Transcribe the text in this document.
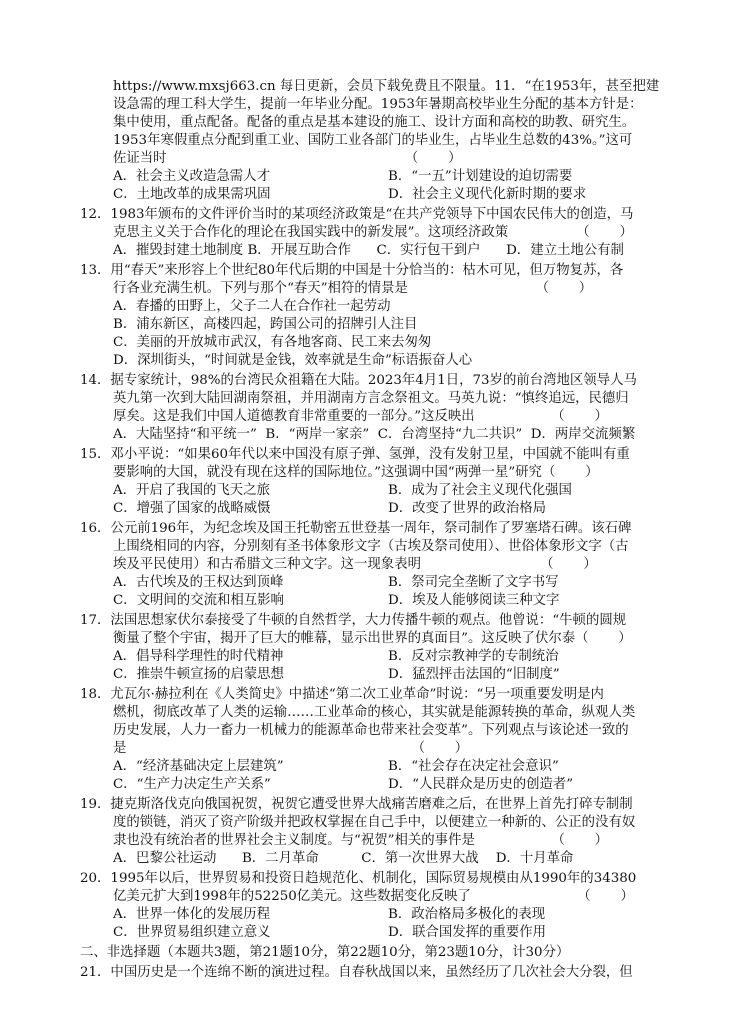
https://www.mxsj663.cn 每日更新，会员下载免费且不限量。11．“在1953年，甚至把建
设急需的理工科大学生，提前一年毕业分配。1953年暑期高校毕业生分配的基本方针是：
集中使用，重点配备。配备的重点是基本建设的施工、设计方面和高校的助教、研究生。
1953年寒假重点分配到重工业、国防工业各部门的毕业生，占毕业生总数的43%。”这可
佐证当时                                                        （       ）
A．社会主义改造急需人才	B．“一五”计划建设的迫切需要
C．土地改革的成果需巩固	D．社会主义现代化新时期的要求
12．1983年颁布的文件评价当时的某项经济政策是“在共产党领导下中国农民伟大的创造，马
克思主义关于合作化的理论在我国实践中的新发展”。这项经济政策                （       ）
A．摧毁封建土地制度 B．开展互助合作      C．实行包干到户      D．建立土地公有制
13．用“春天”来形容上个世纪80年代后期的中国是十分恰当的：枯木可见，但万物复苏，各
行各业充满生机。下列与那个“春天”相符的情景是                              （       ）
A．春播的田野上，父子二人在合作社一起劳动
B．浦东新区，高楼四起，跨国公司的招牌引人注目
C．美丽的开放城市武汉，有各地客商、民工来去匆匆
D．深圳街头，“时间就是金钱，效率就是生命”标语振奋人心
14．据专家统计，98%的台湾民众祖籍在大陆。2023年4月1日，73岁的前台湾地区领导人马
英九第一次到大陆回湖南祭祖，并用湖南方言念祭祖文。马英九说：“慎终追远，民德归
厚矣。这是我们中国人道德教育非常重要的一部分。”这反映出                  （       ）
A．大陆坚持“和平统一”  B．“两岸一家亲”  C．台湾坚持“九二共识”  D．两岸交流频繁
15．邓小平说：“如果60年代以来中国没有原子弹、氢弹，没有发射卫星，中国就不能叫有重
要影响的大国，就没有现在这样的国际地位。”这强调中国“两弹一星”研究（       ）
A．开启了我国的飞天之旅	B．成为了社会主义现代化强国
C．增强了国家的战略威慑	D．改变了世界的政治格局
16．公元前196年，为纪念埃及国王托勒密五世登基一周年，祭司制作了罗塞塔石碑。该石碑
上围绕相同的内容，分别刻有圣书体象形文字（古埃及祭司使用）、世俗体象形文字（古
埃及平民使用）和古希腊文三种文字。这一现象表明                            （       ）
A．古代埃及的王权达到顶峰	B．祭司完全垄断了文字书写
C．文明间的交流和相互影响	D．埃及人能够阅读三种文字
17．法国思想家伏尔泰接受了牛顿的自然哲学，大力传播牛顿的观点。他曾说：“牛顿的圆规
衡量了整个宇宙，揭开了巨大的帷幕，显示出世界的真面目”。这反映了伏尔泰（       ）
A．倡导科学理性的时代精神	B．反对宗教神学的专制统治
C．推崇牛顿宣扬的启蒙思想	D．猛烈抨击法国的“旧制度”
18．尤瓦尔·赫拉利在《人类简史》中描述“第二次工业革命”时说：“另一项重要发明是内
燃机，彻底改革了人类的运输……工业革命的核心，其实就是能源转换的革命，纵观人类
历史发展，人力一畜力一机械力的能源革命也带来社会变革”。下列观点与该论述一致的
是                                                                   （       ）
A．“经济基础决定上层建筑”	B．“社会存在决定社会意识”
C．“生产力决定生产关系”	D．“人民群众是历史的创造者”
19．捷克斯洛伐克向俄国祝贺，祝贺它遭受世界大战痛苦磨难之后，在世界上首先打碎专制制
度的锁链，消灭了资产阶级并把政权掌握在自己手中，以便建立一种新的、公正的没有奴
隶也没有统治者的世界社会主义制度。与“祝贺”相关的事件是                  （       ）
A．巴黎公社运动      B．二月革命          C．第一次世界大战    D．十月革命
20．1995年以后，世界贸易和投资日趋规范化、机制化，国际贸易规模由从1990年的34380
亿美元扩大到1998年的52250亿美元。这些数据变化反映了                         （       ）
A．世界一体化的发展历程	B．政治格局多极化的表现
C．世界贸易组织建立意义	D．联合国发挥的重要作用
二、非选择题（本题共3题，第21题10分，第22题10分，第23题10分，计30分）
21．中国历史是一个连绵不断的演进过程。自春秋战国以来，虽然经历了几次社会大分裂，但
